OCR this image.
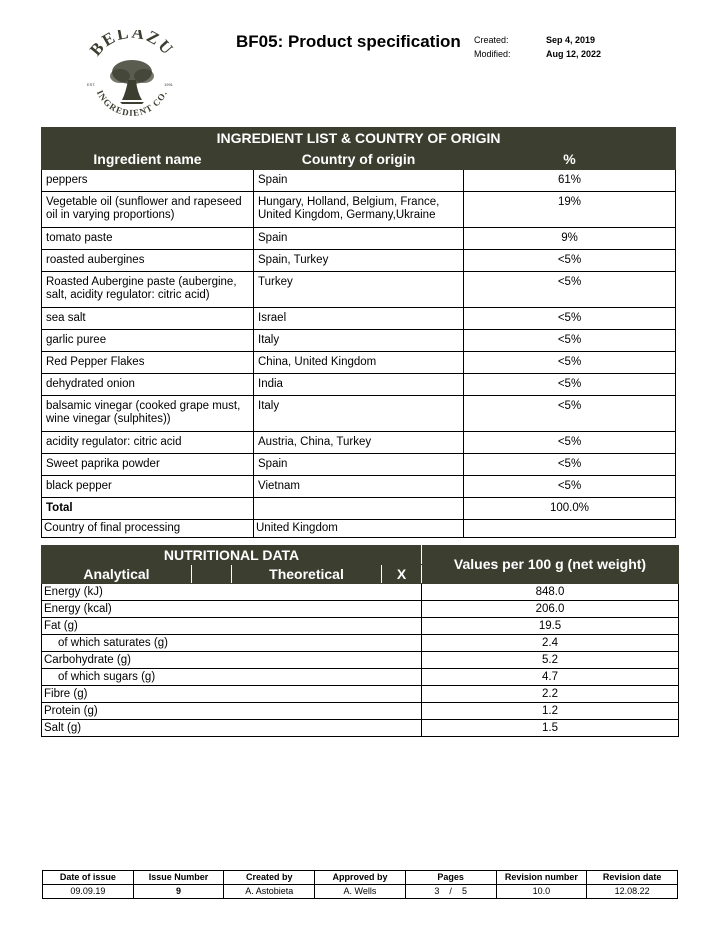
BELAZU
INGREDIENT CO.
EST.	1991
BF05: Product specification Created:	Sep 4, 2019
Modified:	Aug 12, 2022
INGREDIENT LIST & COUNTRY OF ORIGIN		
Ingredient name	Country of origin	%
peppers	Spain	61%
Vegetable oil (sunflower and rapeseed oil in varying proportions)	Hungary, Holland, Belgium, France, United Kingdom, Germany,Ukraine	19%
tomato paste	Spain	9%
roasted aubergines	Spain, Turkey	<5%
Roasted Aubergine paste (aubergine, salt, acidity regulator: citric acid)	Turkey	<5%
sea salt	Israel	<5%
garlic puree	Italy	<5%
Red Pepper Flakes	China, United Kingdom	<5%
dehydrated onion	India	<5%
balsamic vinegar (cooked grape must, wine vinegar (sulphites))	Italy	<5%
acidity regulator: citric acid	Austria, China, Turkey	<5%
Sweet paprika powder	Spain	<5%
black pepper	Vietnam	<5%
Total		100.0%
Country of final processing	United Kingdom	
NUTRITIONAL DATA				Values per 100 g (net weight)
Analytical		Theoretical	X	
Energy (kJ)				848.0
Energy (kcal)				206.0
Fat (g)				19.5
of which saturates (g)				2.4
Carbohydrate (g)				5.2
of which sugars (g)				4.7
Fibre (g)				2.2
Protein (g)				1.2
Salt (g)				1.5
Date of issue	Issue Number	Created by	Approved by	Pages	Revision number	Revision date
09.09.19	9	A. Astobieta	A. Wells	3 / 5	10.0	12.08.22
